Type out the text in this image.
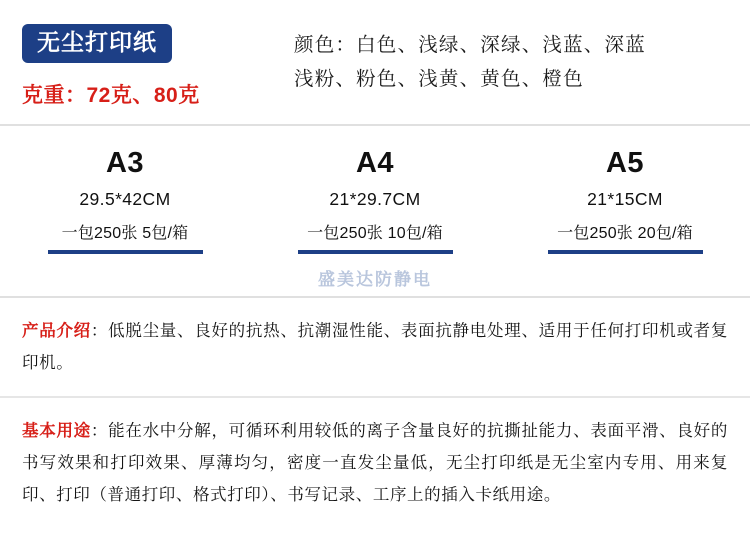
无尘打印纸
克重：72克、80克
颜色：白色、浅绿、深绿、浅蓝、深蓝
浅粉、粉色、浅黄、黄色、橙色
A3
29.5*42CM
一包250张 5包/箱
A4
21*29.7CM
一包250张 10包/箱
A5
21*15CM
一包250张 20包/箱
盛美达防静电
产品介绍：低脱尘量、良好的抗热、抗潮湿性能、表面抗静电处理、适用于任何打印机或者复印机。
基本用途：能在水中分解，可循环利用较低的离子含量良好的抗撕扯能力、表面平滑、良好的书写效果和打印效果、厚薄均匀，密度一直发尘量低，无尘打印纸是无尘室内专用、用来复印、打印（普通打印、格式打印）、书写记录、工序上的插入卡纸用途。
